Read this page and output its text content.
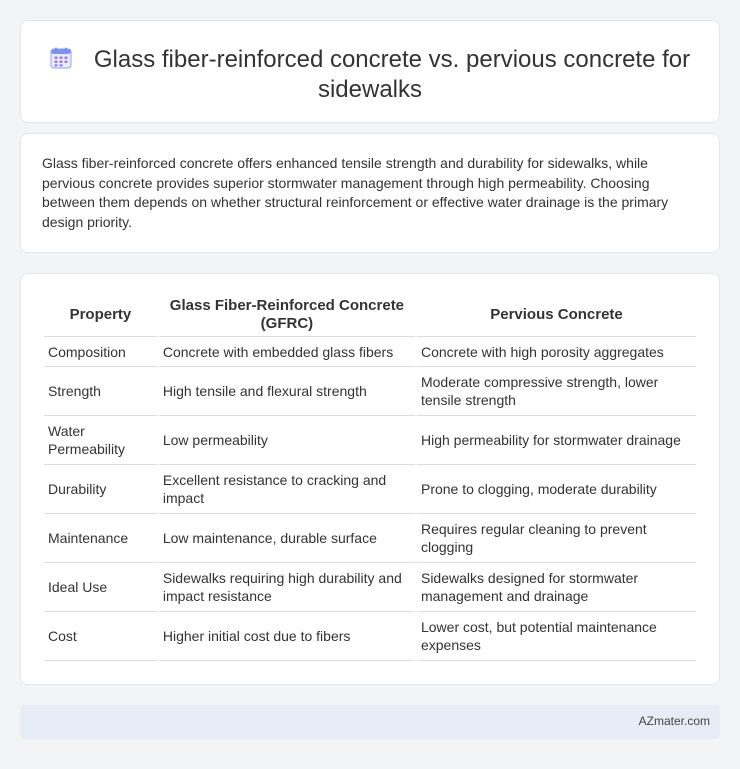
Glass fiber-reinforced concrete vs. pervious concrete for sidewalks

Glass fiber-reinforced concrete offers enhanced tensile strength and durability for sidewalks, while pervious concrete provides superior stormwater management through high permeability. Choosing between them depends on whether structural reinforcement or effective water drainage is the primary design priority.

Property	Glass Fiber-Reinforced Concrete (GFRC)	Pervious Concrete
Composition	Concrete with embedded glass fibers	Concrete with high porosity aggregates
Strength	High tensile and flexural strength	Moderate compressive strength, lower tensile strength
Water Permeability	Low permeability	High permeability for stormwater drainage
Durability	Excellent resistance to cracking and impact	Prone to clogging, moderate durability
Maintenance	Low maintenance, durable surface	Requires regular cleaning to prevent clogging
Ideal Use	Sidewalks requiring high durability and impact resistance	Sidewalks designed for stormwater management and drainage
Cost	Higher initial cost due to fibers	Lower cost, but potential maintenance expenses
AZmater.com
